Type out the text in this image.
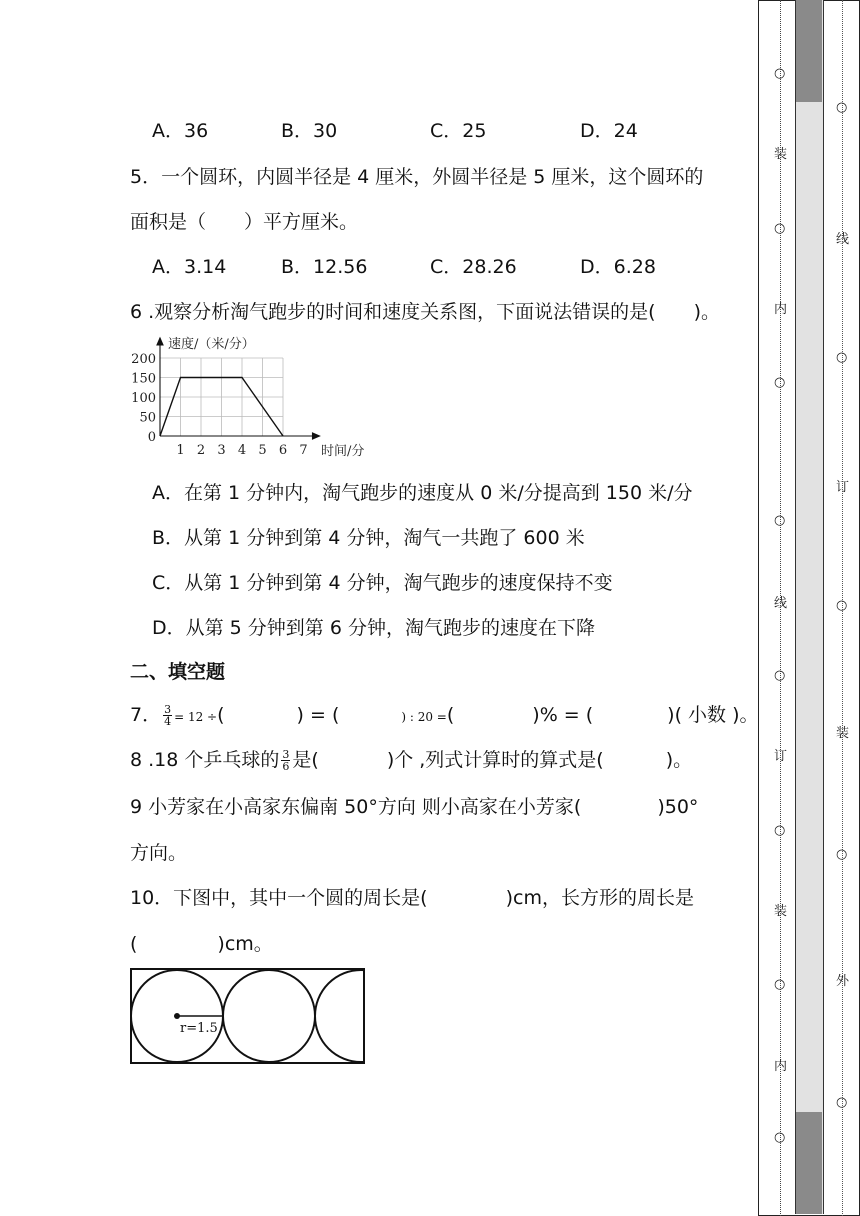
A．36	B．30	C．25	D．24
5．一个圆环，内圆半径是 4 厘米，外圆半径是 5 厘米，这个圆环的
面积是（　　）平方厘米。
A．3.14	B．12.56	C．28.26	D．6.28
6 .观察分析淘气跑步的时间和速度关系图，下面说法错误的是(　　)。
200
150
100
50
0
1 2 3 4 5 6 7
速度/（米/分）
时间/分
A．在第 1 分钟内，淘气跑步的速度从 0 米/分提高到 150 米/分
B．从第 1 分钟到第 4 分钟，淘气一共跑了 600 米
C．从第 1 分钟到第 4 分钟，淘气跑步的速度保持不变
D．从第 5 分钟到第 6 分钟，淘气跑步的速度在下降
二、填空题
7． $\frac{3}{4} = 12$ ÷(	) = (	) : 20 =(	)% = (	)( 小数 )。
8 .18 个乒乓球的 $\frac{3}{6}$ 是(	)个 ,列式计算时的算式是(	)。
9 小芳家在小高家东偏南 50°方向 则小高家在小芳家(	)50°
方向。
10．下图中，其中一个圆的周长是(	)cm，长方形的周长是
(	)cm。
r=1.5
○
装
○
内
○
○
线
○
订
○
装
○
内
○
○
线
○
订
○
装
○
外
○
